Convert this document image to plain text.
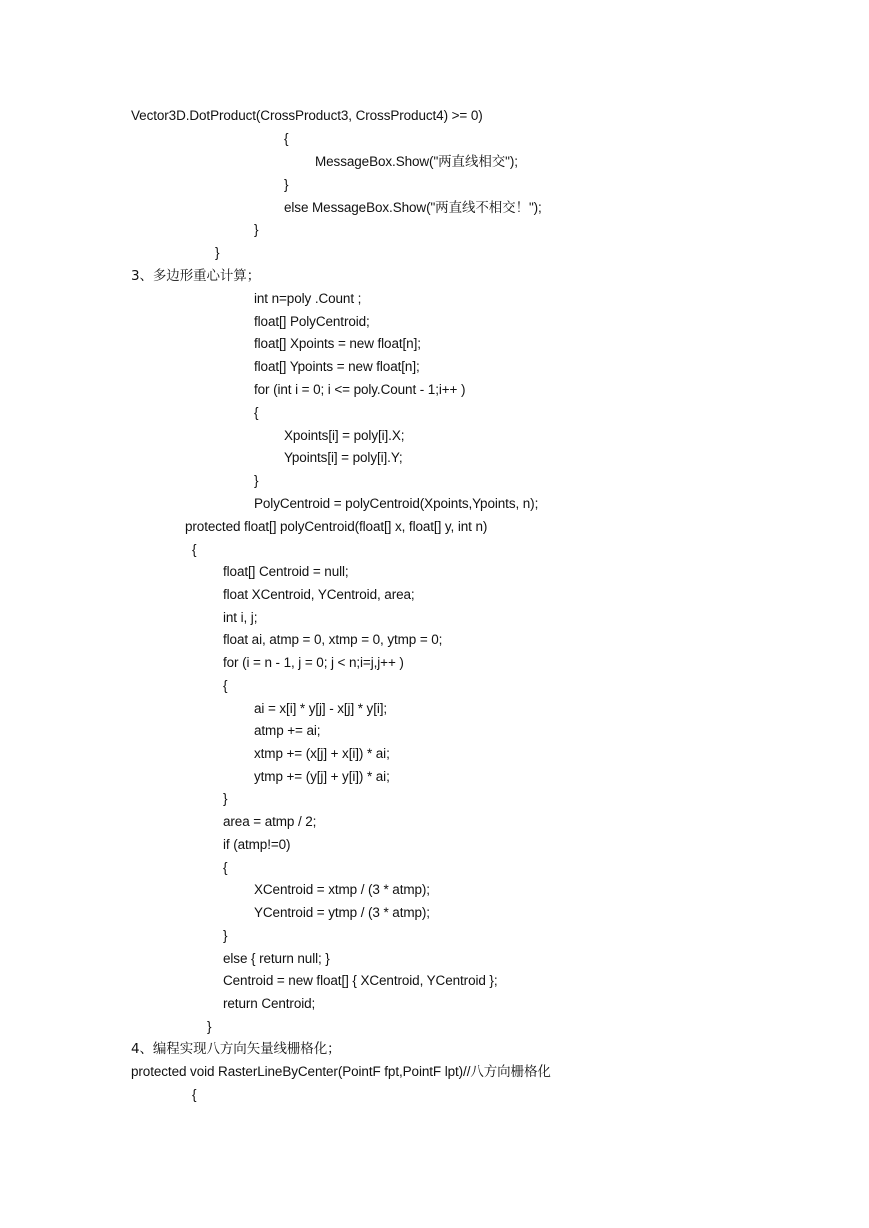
Vector3D.DotProduct(CrossProduct3, CrossProduct4) >= 0)
{
MessageBox.Show("两直线相交");
}
else MessageBox.Show("两直线不相交！");
}
}
3、多边形重心计算；
int n=poly .Count ;
float[] PolyCentroid;
float[] Xpoints = new float[n];
float[] Ypoints = new float[n];
for (int i = 0; i <= poly.Count - 1;i++ )
{
Xpoints[i] = poly[i].X;
Ypoints[i] = poly[i].Y;
}
PolyCentroid = polyCentroid(Xpoints,Ypoints, n);
protected float[] polyCentroid(float[] x, float[] y, int n)
{
float[] Centroid = null;
float XCentroid, YCentroid, area;
int i, j;
float ai, atmp = 0, xtmp = 0, ytmp = 0;
for (i = n - 1, j = 0; j < n;i=j,j++ )
{
ai = x[i] * y[j] - x[j] * y[i];
atmp += ai;
xtmp += (x[j] + x[i]) * ai;
ytmp += (y[j] + y[i]) * ai;
}
area = atmp / 2;
if (atmp!=0)
{
XCentroid = xtmp / (3 * atmp);
YCentroid = ytmp / (3 * atmp);
}
else { return null; }
Centroid = new float[] { XCentroid, YCentroid };
return Centroid;
}
4、编程实现八方向矢量线栅格化；
protected void RasterLineByCenter(PointF fpt,PointF lpt)//八方向栅格化
{
